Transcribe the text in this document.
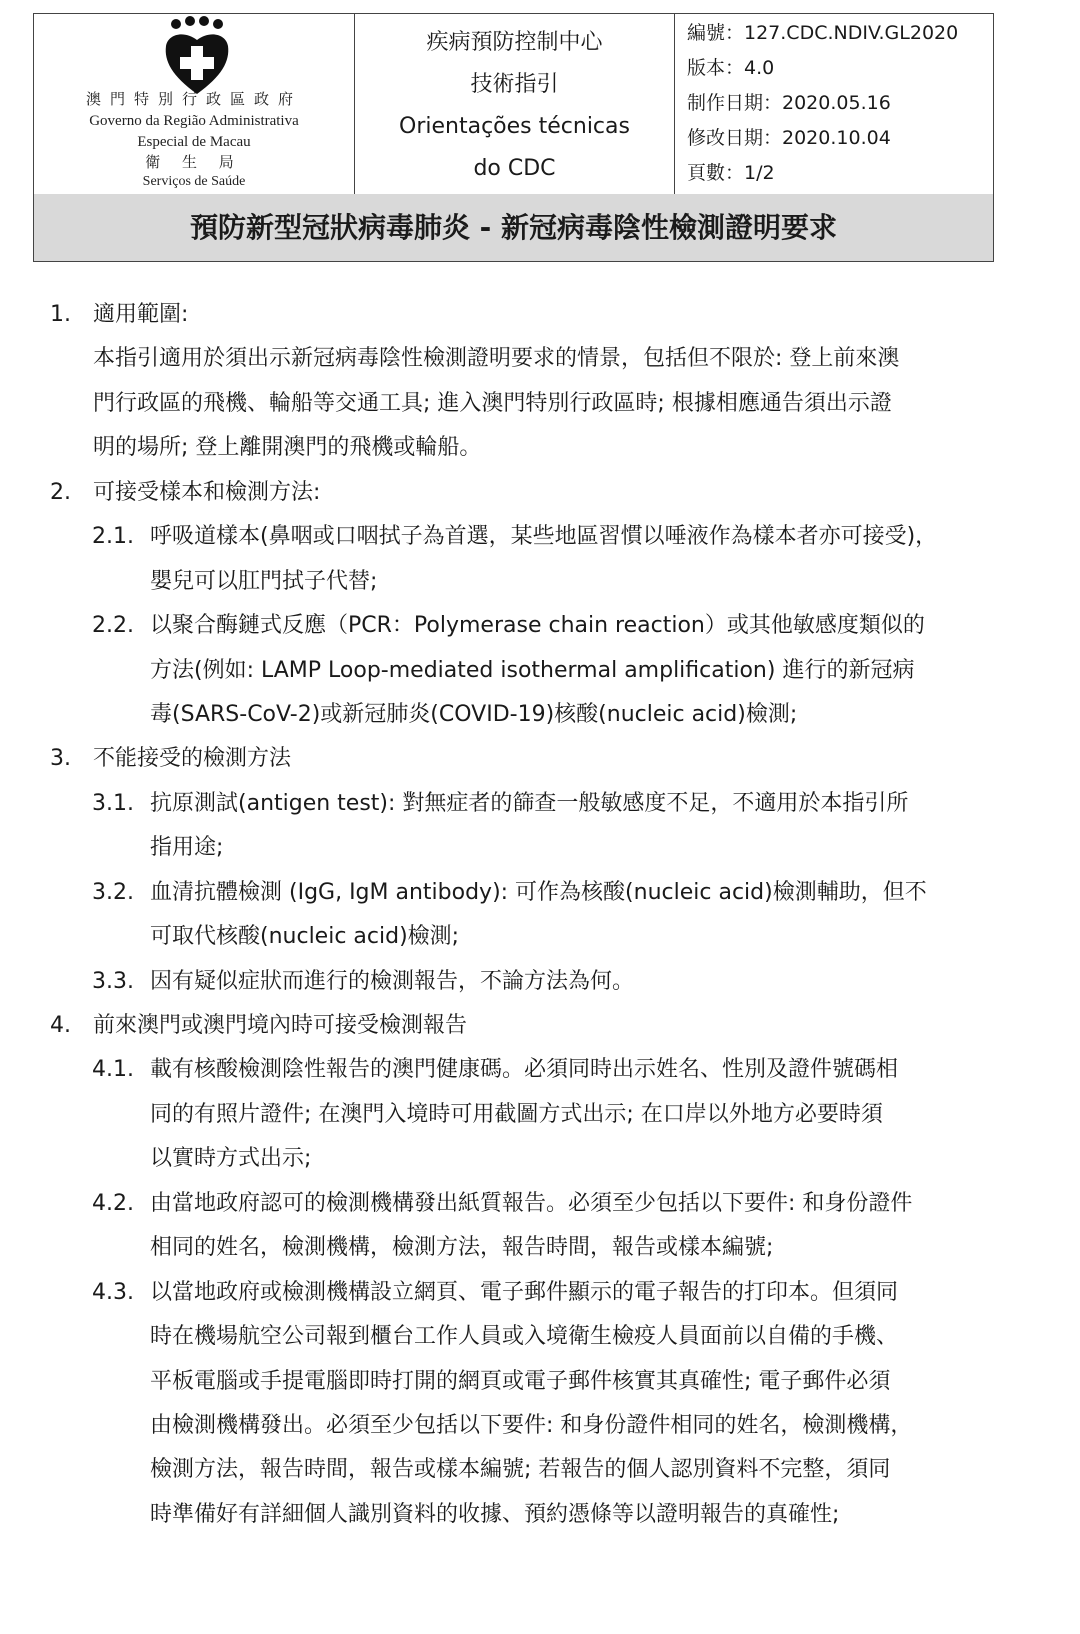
澳門特別行政區政府
Governo da Região Administrativa
Especial de Macau
衛 生 局
Serviços de Saúde
疾病預防控制中心
技術指引
Orientações técnicas
do CDC
編號：127.CDC.NDIV.GL2020
版本：4.0
制作日期：2020.05.16
修改日期：2020.10.04
頁數：1/2
預防新型冠狀病毒肺炎 - 新冠病毒陰性檢測證明要求
1. 適用範圍:
本指引適用於須出示新冠病毒陰性檢測證明要求的情景，包括但不限於: 登上前來澳
門行政區的飛機、輪船等交通工具; 進入澳門特別行政區時; 根據相應通告須出示證
明的場所; 登上離開澳門的飛機或輪船。
2. 可接受樣本和檢測方法:
2.1. 呼吸道樣本(鼻咽或口咽拭子為首選，某些地區習慣以唾液作為樣本者亦可接受)，
嬰兒可以肛門拭子代替;
2.2. 以聚合酶鏈式反應（PCR：Polymerase chain reaction）或其他敏感度類似的
方法(例如: LAMP Loop-mediated isothermal amplification) 進行的新冠病
毒(SARS-CoV-2)或新冠肺炎(COVID-19)核酸(nucleic acid)檢測;
3. 不能接受的檢測方法
3.1. 抗原測試(antigen test): 對無症者的篩查一般敏感度不足，不適用於本指引所
指用途;
3.2. 血清抗體檢測 (IgG, IgM antibody): 可作為核酸(nucleic acid)檢測輔助，但不
可取代核酸(nucleic acid)檢測;
3.3. 因有疑似症狀而進行的檢測報告，不論方法為何。
4. 前來澳門或澳門境內時可接受檢測報告
4.1. 載有核酸檢測陰性報告的澳門健康碼。必須同時出示姓名、性別及證件號碼相
同的有照片證件; 在澳門入境時可用截圖方式出示; 在口岸以外地方必要時須
以實時方式出示;
4.2. 由當地政府認可的檢測機構發出紙質報告。必須至少包括以下要件: 和身份證件
相同的姓名，檢測機構，檢測方法，報告時間，報告或樣本編號;
4.3. 以當地政府或檢測機構設立網頁、電子郵件顯示的電子報告的打印本。但須同
時在機場航空公司報到櫃台工作人員或入境衛生檢疫人員面前以自備的手機、
平板電腦或手提電腦即時打開的網頁或電子郵件核實其真確性; 電子郵件必須
由檢測機構發出。必須至少包括以下要件: 和身份證件相同的姓名，檢測機構，
檢測方法，報告時間，報告或樣本編號; 若報告的個人認別資料不完整，須同
時準備好有詳細個人識別資料的收據、預約憑條等以證明報告的真確性;
